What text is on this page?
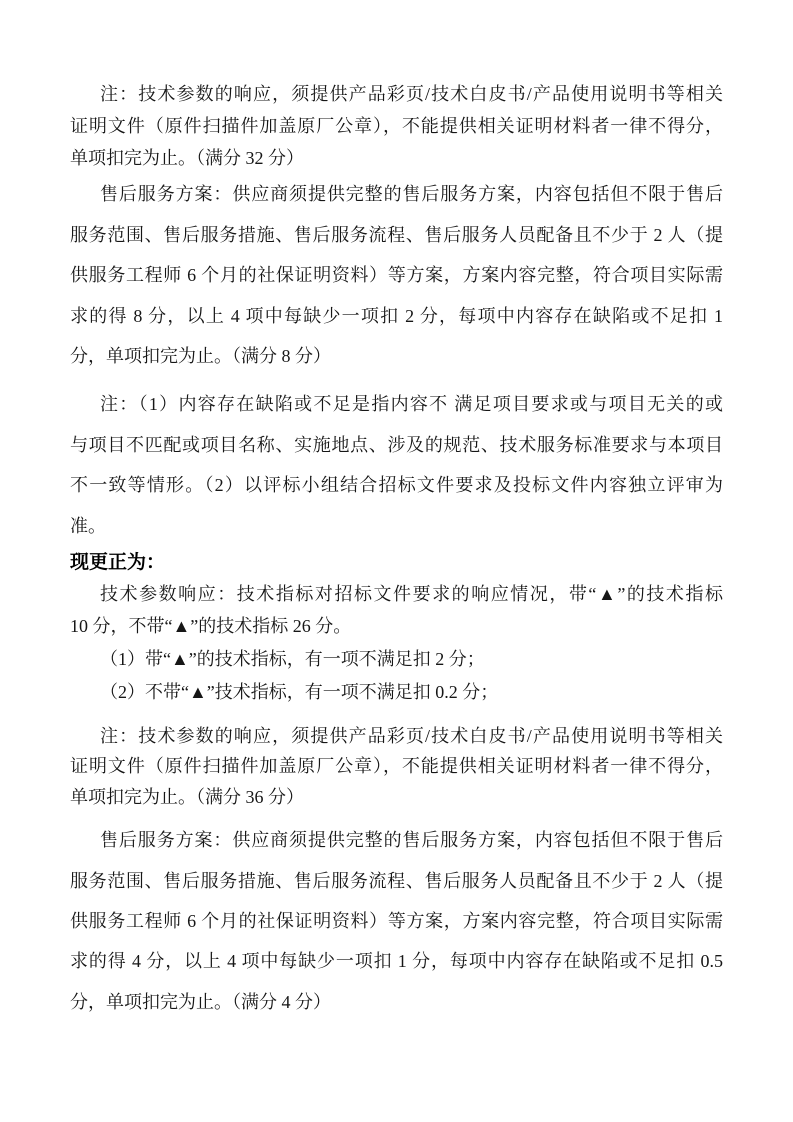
注：技术参数的响应，须提供产品彩页/技术白皮书/产品使用说明书等相关
证明文件（原件扫描件加盖原厂公章），不能提供相关证明材料者一律不得分，
单项扣完为止。（满分 32 分）
售后服务方案：供应商须提供完整的售后服务方案，内容包括但不限于售后
服务范围、售后服务措施、售后服务流程、售后服务人员配备且不少于 2 人（提
供服务工程师 6 个月的社保证明资料）等方案，方案内容完整，符合项目实际需
求的得 8 分，以上 4 项中每缺少一项扣 2 分，每项中内容存在缺陷或不足扣 1
分，单项扣完为止。（满分 8 分）
注：（1）内容存在缺陷或不足是指内容不 满足项目要求或与项目无关的或
与项目不匹配或项目名称、实施地点、涉及的规范、技术服务标准要求与本项目
不一致等情形。（2）以评标小组结合招标文件要求及投标文件内容独立评审为
准。
现更正为：
技术参数响应：技术指标对招标文件要求的响应情况，带“▲”的技术指标
10 分，不带“▲”的技术指标 26 分。
（1）带“▲”的技术指标，有一项不满足扣 2 分；
（2）不带“▲”技术指标，有一项不满足扣 0.2 分；
注：技术参数的响应，须提供产品彩页/技术白皮书/产品使用说明书等相关
证明文件（原件扫描件加盖原厂公章），不能提供相关证明材料者一律不得分，
单项扣完为止。（满分 36 分）
售后服务方案：供应商须提供完整的售后服务方案，内容包括但不限于售后
服务范围、售后服务措施、售后服务流程、售后服务人员配备且不少于 2 人（提
供服务工程师 6 个月的社保证明资料）等方案，方案内容完整，符合项目实际需
求的得 4 分，以上 4 项中每缺少一项扣 1 分，每项中内容存在缺陷或不足扣 0.5
分，单项扣完为止。（满分 4 分）
